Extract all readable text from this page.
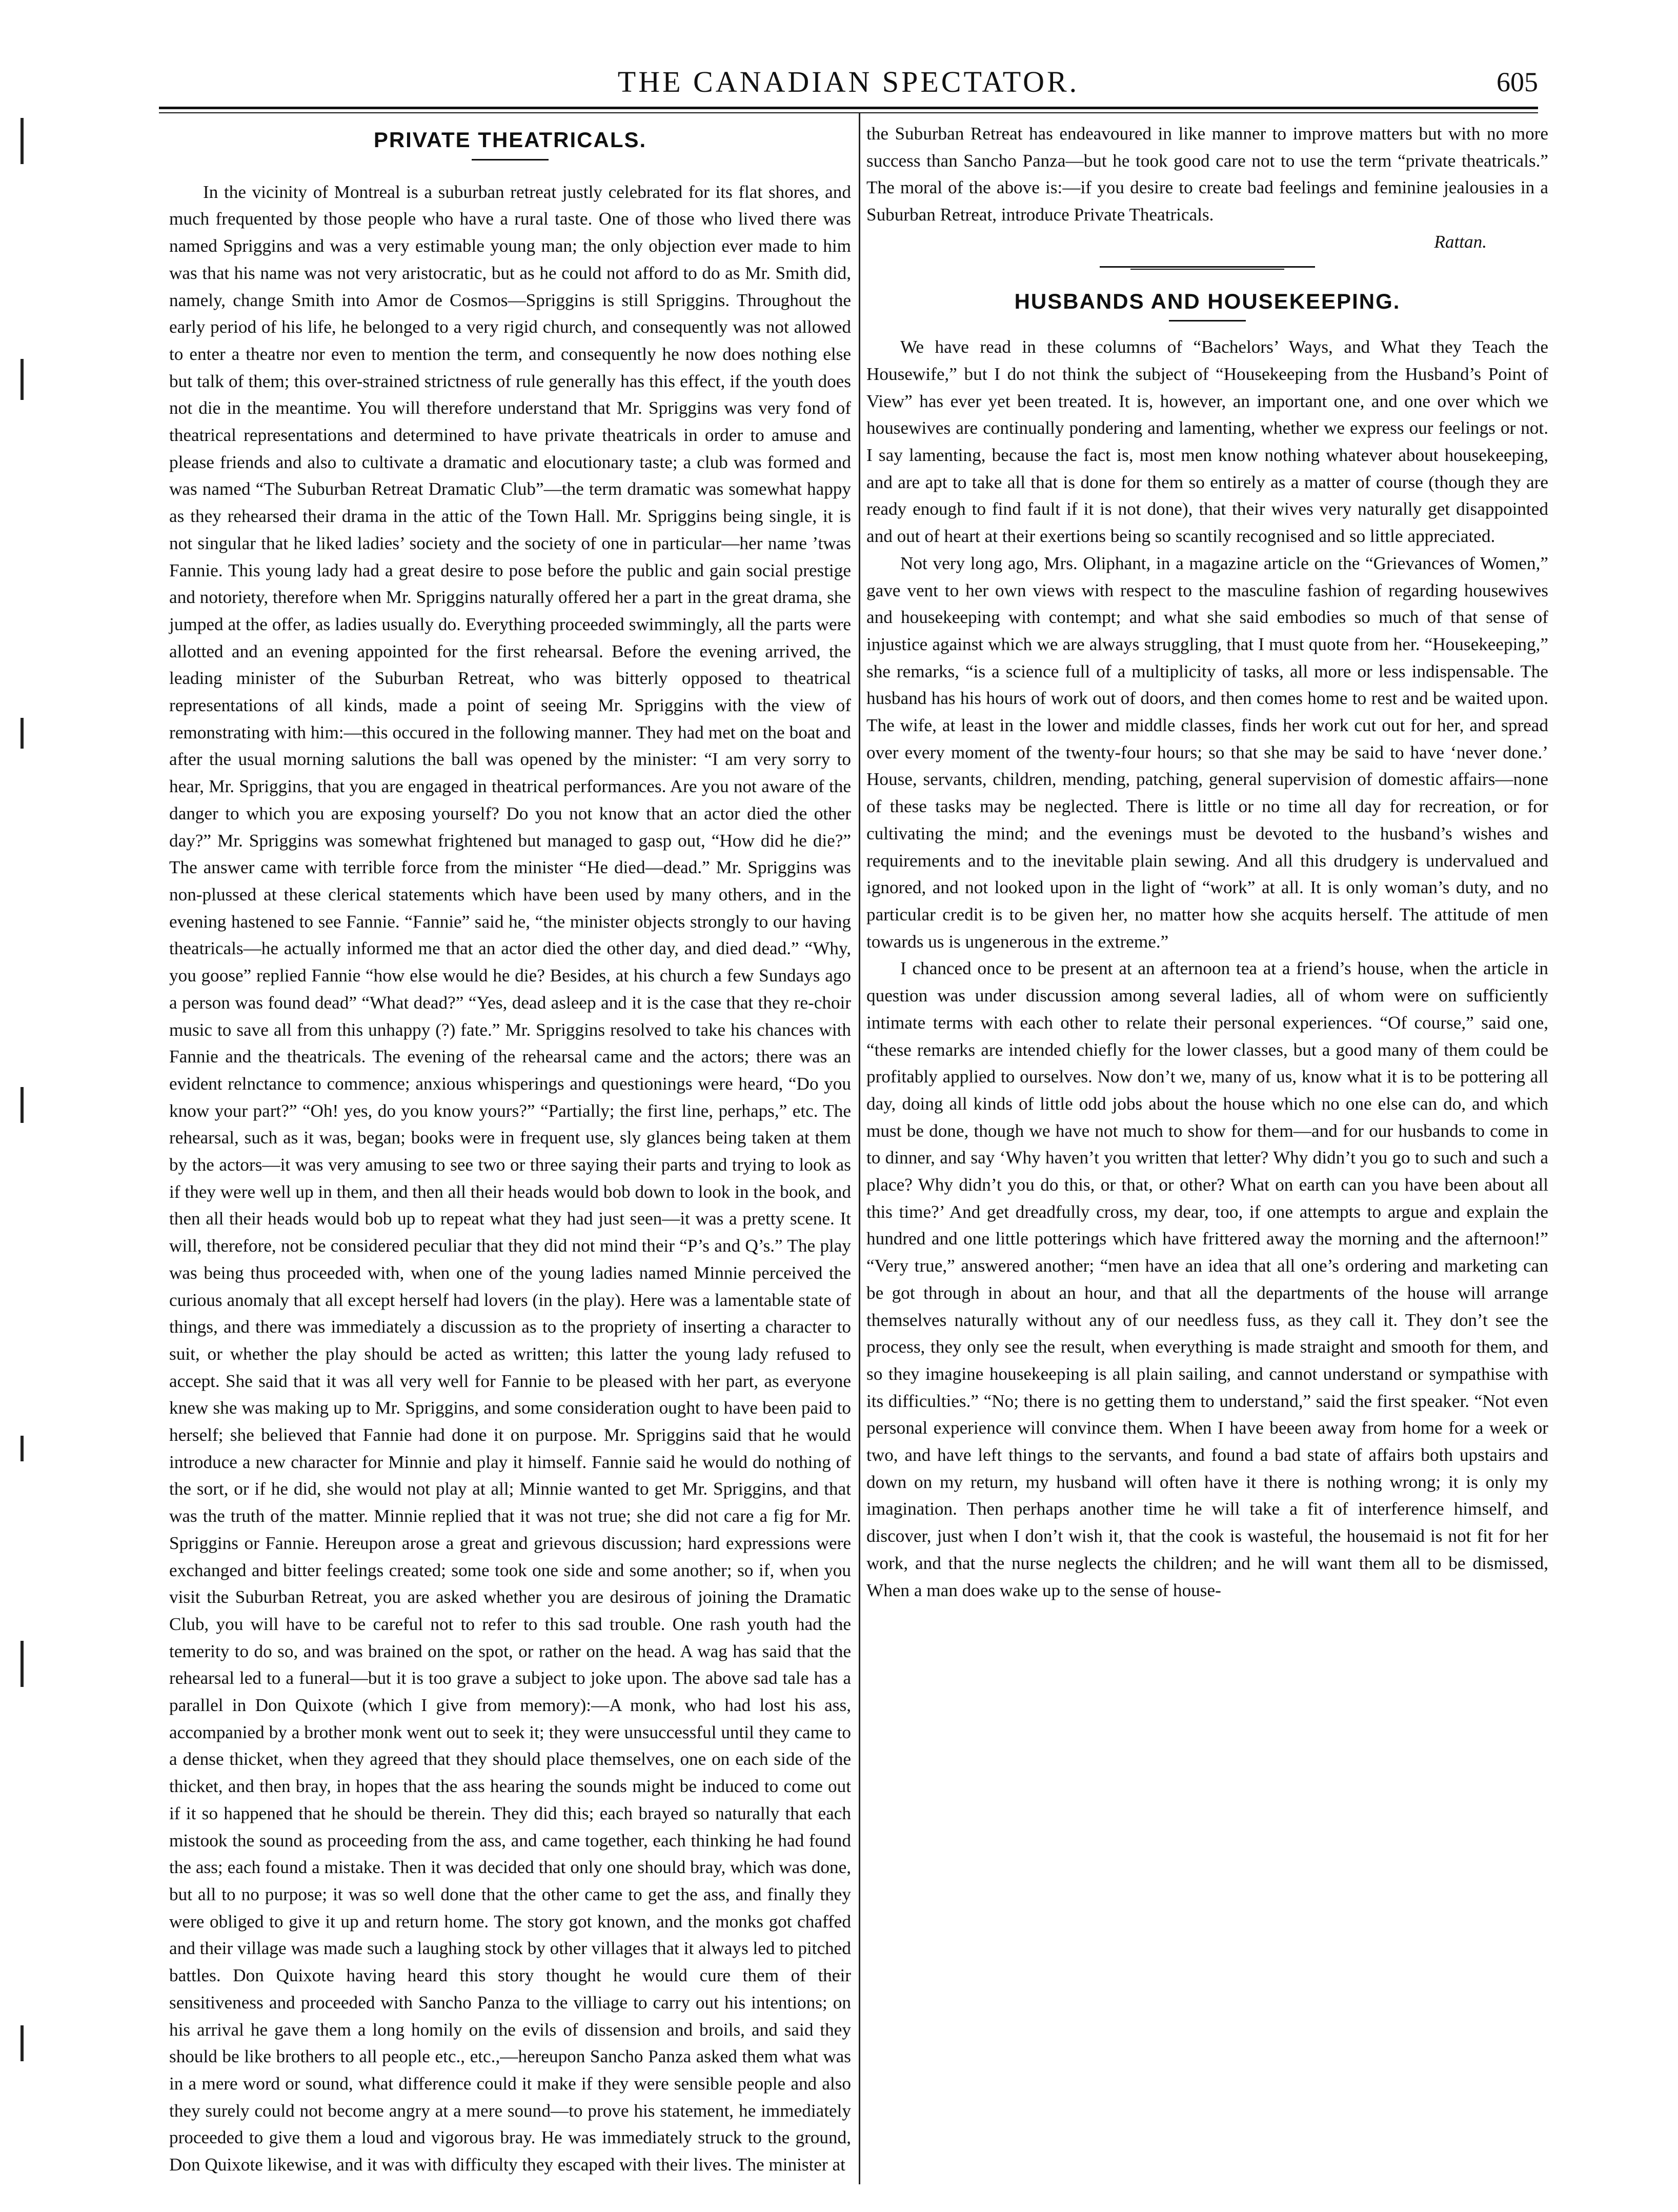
THE CANADIAN SPECTATOR.	605
PRIVATE THEATRICALS.

In the vicinity of Montreal is a suburban retreat justly celebrated for its flat shores, and much frequented by those people who have a rural taste. One of those who lived there was named Spriggins and was a very estimable young man; the only objection ever made to him was that his name was not very aristocratic, but as he could not afford to do as Mr. Smith did, namely, change Smith into Amor de Cosmos—Spriggins is still Spriggins. Throughout the early period of his life, he belonged to a very rigid church, and consequently was not allowed to enter a theatre nor even to mention the term, and consequently he now does nothing else but talk of them; this over-strained strictness of rule generally has this effect, if the youth does not die in the meantime. You will therefore understand that Mr. Spriggins was very fond of theatrical representations and determined to have private theatricals in order to amuse and please friends and also to cultivate a dramatic and elocutionary taste; a club was formed and was named “The Suburban Retreat Dramatic Club”—the term dramatic was somewhat happy as they rehearsed their drama in the attic of the Town Hall. Mr. Spriggins being single, it is not singular that he liked ladies’ society and the society of one in particular—her name ’twas Fannie. This young lady had a great desire to pose before the public and gain social prestige and notoriety, therefore when Mr. Spriggins naturally offered her a part in the great drama, she jumped at the offer, as ladies usually do. Everything proceeded swimmingly, all the parts were allotted and an evening appointed for the first rehearsal. Before the evening arrived, the leading minister of the Suburban Retreat, who was bitterly opposed to theatrical representations of all kinds, made a point of seeing Mr. Spriggins with the view of remonstrating with him:—this occured in the following manner. They had met on the boat and after the usual morning salutions the ball was opened by the minister: “I am very sorry to hear, Mr. Spriggins, that you are engaged in theatrical performances. Are you not aware of the danger to which you are exposing yourself? Do you not know that an actor died the other day?” Mr. Spriggins was somewhat frightened but managed to gasp out, “How did he die?” The answer came with terrible force from the minister “He died—dead.” Mr. Spriggins was non-plussed at these clerical statements which have been used by many others, and in the evening hastened to see Fannie. “Fannie” said he, “the minister objects strongly to our having theatricals—he actually informed me that an actor died the other day, and died dead.” “Why, you goose” replied Fannie “how else would he die? Besides, at his church a few Sundays ago a person was found dead” “What dead?” “Yes, dead asleep and it is the case that they re-choir music to save all from this unhappy (?) fate.” Mr. Spriggins resolved to take his chances with Fannie and the theatricals. The evening of the rehearsal came and the actors; there was an evident relnctance to commence; anxious whisperings and questionings were heard, “Do you know your part?” “Oh! yes, do you know yours?” “Partially; the first line, perhaps,” etc. The rehearsal, such as it was, began; books were in frequent use, sly glances being taken at them by the actors—it was very amusing to see two or three saying their parts and trying to look as if they were well up in them, and then all their heads would bob down to look in the book, and then all their heads would bob up to repeat what they had just seen—it was a pretty scene. It will, therefore, not be considered peculiar that they did not mind their “P’s and Q’s.” The play was being thus proceeded with, when one of the young ladies named Minnie perceived the curious anomaly that all except herself had lovers (in the play). Here was a lamentable state of things, and there was immediately a discussion as to the propriety of inserting a character to suit, or whether the play should be acted as written; this latter the young lady refused to accept. She said that it was all very well for Fannie to be pleased with her part, as everyone knew she was making up to Mr. Spriggins, and some consideration ought to have been paid to herself; she believed that Fannie had done it on purpose. Mr. Spriggins said that he would introduce a new character for Minnie and play it himself. Fannie said he would do nothing of the sort, or if he did, she would not play at all; Minnie wanted to get Mr. Spriggins, and that was the truth of the matter. Minnie replied that it was not true; she did not care a fig for Mr. Spriggins or Fannie. Hereupon arose a great and grievous discussion; hard expressions were exchanged and bitter feelings created; some took one side and some another; so if, when you visit the Suburban Retreat, you are asked whether you are desirous of joining the Dramatic Club, you will have to be careful not to refer to this sad trouble. One rash youth had the temerity to do so, and was brained on the spot, or rather on the head. A wag has said that the rehearsal led to a funeral—but it is too grave a subject to joke upon. The above sad tale has a parallel in Don Quixote (which I give from memory):—A monk, who had lost his ass, accompanied by a brother monk went out to seek it; they were unsuccessful until they came to a dense thicket, when they agreed that they should place themselves, one on each side of the thicket, and then bray, in hopes that the ass hearing the sounds might be induced to come out if it so happened that he should be therein. They did this; each brayed so naturally that each mistook the sound as proceeding from the ass, and came together, each thinking he had found the ass; each found a mistake. Then it was decided that only one should bray, which was done, but all to no purpose; it was so well done that the other came to get the ass, and finally they were obliged to give it up and return home. The story got known, and the monks got chaffed and their village was made such a laughing stock by other villages that it always led to pitched battles. Don Quixote having heard this story thought he would cure them of their sensitiveness and proceeded with Sancho Panza to the villiage to carry out his intentions; on his arrival he gave them a long homily on the evils of dissension and broils, and said they should be like brothers to all people etc., etc.,—hereupon Sancho Panza asked them what was in a mere word or sound, what difference could it make if they were sensible people and also they surely could not become angry at a mere sound—to prove his statement, he immediately proceeded to give them a loud and vigorous bray. He was immediately struck to the ground, Don Quixote likewise, and it was with difficulty they escaped with their lives. The minister at

the Suburban Retreat has endeavoured in like manner to improve matters but with no more success than Sancho Panza—but he took good care not to use the term “private theatricals.” The moral of the above is:—if you desire to create bad feelings and feminine jealousies in a Suburban Retreat, introduce Private Theatricals.

Rattan.

HUSBANDS AND HOUSEKEEPING.

We have read in these columns of “Bachelors’ Ways, and What they Teach the Housewife,” but I do not think the subject of “Housekeeping from the Husband’s Point of View” has ever yet been treated. It is, however, an important one, and one over which we housewives are continually pondering and lamenting, whether we express our feelings or not. I say lamenting, because the fact is, most men know nothing whatever about housekeeping, and are apt to take all that is done for them so entirely as a matter of course (though they are ready enough to find fault if it is not done), that their wives very naturally get disappointed and out of heart at their exertions being so scantily recognised and so little appreciated.

Not very long ago, Mrs. Oliphant, in a magazine article on the “Grievances of Women,” gave vent to her own views with respect to the masculine fashion of regarding housewives and housekeeping with contempt; and what she said embodies so much of that sense of injustice against which we are always struggling, that I must quote from her. “Housekeeping,” she remarks, “is a science full of a multiplicity of tasks, all more or less indispensable. The husband has his hours of work out of doors, and then comes home to rest and be waited upon. The wife, at least in the lower and middle classes, finds her work cut out for her, and spread over every moment of the twenty-four hours; so that she may be said to have ‘never done.’ House, servants, children, mending, patching, general supervision of domestic affairs—none of these tasks may be neglected. There is little or no time all day for recreation, or for cultivating the mind; and the evenings must be devoted to the husband’s wishes and requirements and to the inevitable plain sewing. And all this drudgery is undervalued and ignored, and not looked upon in the light of “work” at all. It is only woman’s duty, and no particular credit is to be given her, no matter how she acquits herself. The attitude of men towards us is ungenerous in the extreme.”

I chanced once to be present at an afternoon tea at a friend’s house, when the article in question was under discussion among several ladies, all of whom were on sufficiently intimate terms with each other to relate their personal experiences. “Of course,” said one, “these remarks are intended chiefly for the lower classes, but a good many of them could be profitably applied to ourselves. Now don’t we, many of us, know what it is to be pottering all day, doing all kinds of little odd jobs about the house which no one else can do, and which must be done, though we have not much to show for them—and for our husbands to come in to dinner, and say ‘Why haven’t you written that letter? Why didn’t you go to such and such a place? Why didn’t you do this, or that, or other? What on earth can you have been about all this time?’ And get dreadfully cross, my dear, too, if one attempts to argue and explain the hundred and one little potterings which have frittered away the morning and the afternoon!” “Very true,” answered another; “men have an idea that all one’s ordering and marketing can be got through in about an hour, and that all the departments of the house will arrange themselves naturally without any of our needless fuss, as they call it. They don’t see the process, they only see the result, when everything is made straight and smooth for them, and so they imagine housekeeping is all plain sailing, and cannot understand or sympathise with its difficulties.” “No; there is no getting them to understand,” said the first speaker. “Not even personal experience will convince them. When I have beeen away from home for a week or two, and have left things to the servants, and found a bad state of affairs both upstairs and down on my return, my husband will often have it there is nothing wrong; it is only my imagination. Then perhaps another time he will take a fit of interference himself, and discover, just when I don’t wish it, that the cook is wasteful, the housemaid is not fit for her work, and that the nurse neglects the children; and he will want them all to be dismissed, When a man does wake up to the sense of house-
